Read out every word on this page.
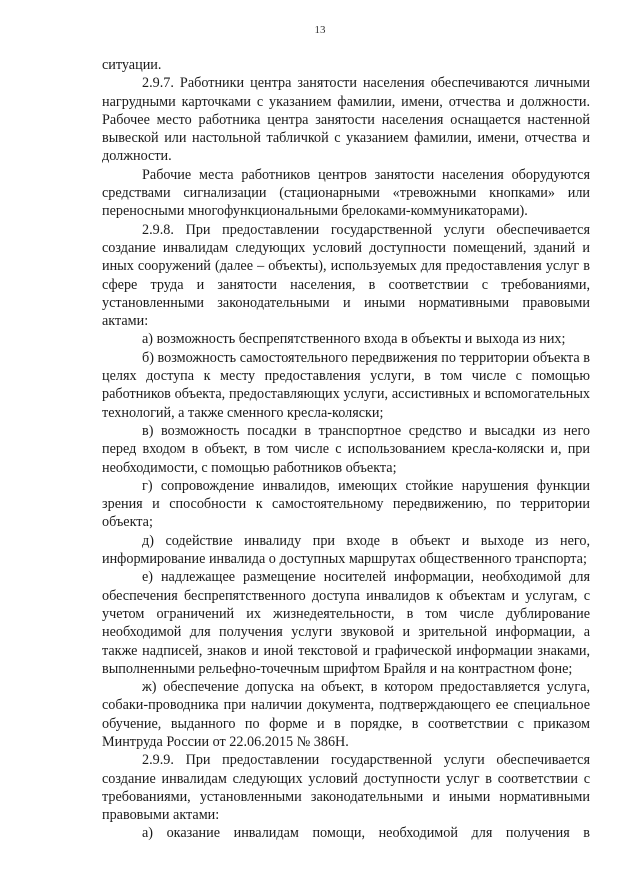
13

ситуации.

2.9.7. Работники центра занятости населения обеспечиваются личными нагрудными карточками с указанием фамилии, имени, отчества и должности. Рабочее место работника центра занятости населения оснащается настенной вывеской или настольной табличкой с указанием фамилии, имени, отчества и должности.

Рабочие места работников центров занятости населения оборудуются средствами сигнализации (стационарными «тревожными кнопками» или переносными многофункциональными брелоками-коммуникаторами).

2.9.8. При предоставлении государственной услуги обеспечивается создание инвалидам следующих условий доступности помещений, зданий и иных сооружений (далее – объекты), используемых для предоставления услуг в сфере труда и занятости населения, в соответствии с требованиями, установленными законодательными и иными нормативными правовыми актами:

а) возможность беспрепятственного входа в объекты и выхода из них;

б) возможность самостоятельного передвижения по территории объекта в целях доступа к месту предоставления услуги, в том числе с помощью работников объекта, предоставляющих услуги, ассистивных и вспомогательных технологий, а также сменного кресла-коляски;

в) возможность посадки в транспортное средство и высадки из него перед входом в объект, в том числе с использованием кресла-коляски и, при необходимости, с помощью работников объекта;

г) сопровождение инвалидов, имеющих стойкие нарушения функции зрения и способности к самостоятельному передвижению, по территории объекта;

д) содействие инвалиду при входе в объект и выходе из него, информирование инвалида о доступных маршрутах общественного транспорта;

е) надлежащее размещение носителей информации, необходимой для обеспечения беспрепятственного доступа инвалидов к объектам и услугам, с учетом ограничений их жизнедеятельности, в том числе дублирование необходимой для получения услуги звуковой и зрительной информации, а также надписей, знаков и иной текстовой и графической информации знаками, выполненными рельефно-точечным шрифтом Брайля и на контрастном фоне;

ж) обеспечение допуска на объект, в котором предоставляется услуга, собаки-проводника при наличии документа, подтверждающего ее специальное обучение, выданного по форме и в порядке, в соответствии с приказом Минтруда России от 22.06.2015 № 386Н.

2.9.9. При предоставлении государственной услуги обеспечивается создание инвалидам следующих условий доступности услуг в соответствии с требованиями, установленными законодательными и иными нормативными правовыми актами:

а) оказание инвалидам помощи, необходимой для получения в
